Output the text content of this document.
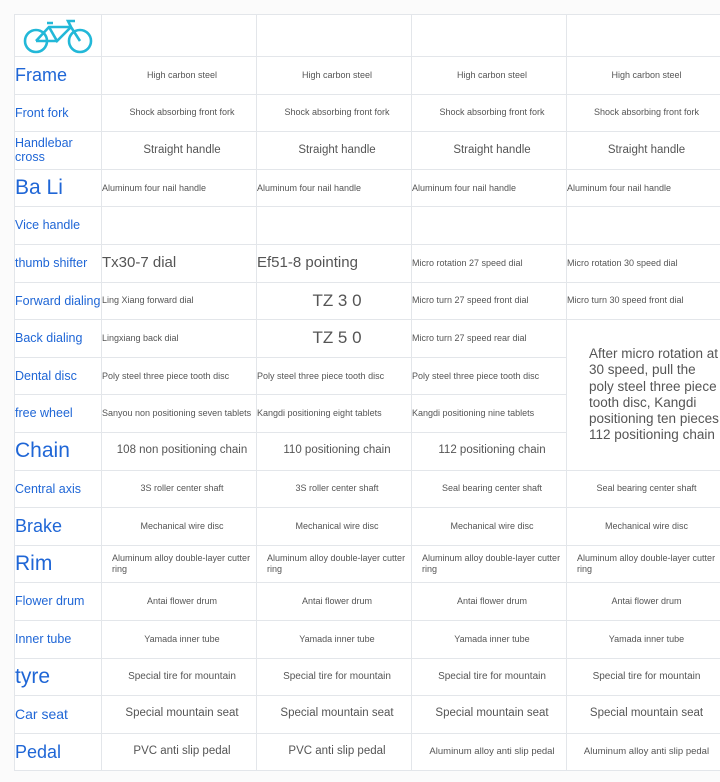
	21 speed basic	24 speed standard	27 speed upgrade	30 speed Deluxe
Frame	High carbon steel	High carbon steel	High carbon steel	High carbon steel
Front fork	Shock absorbing front fork	Shock absorbing front fork	Shock absorbing front fork	Shock absorbing front fork
Handlebar cross	Straight handle	Straight handle	Straight handle	Straight handle
Ba Li	Aluminum four nail handle	Aluminum four nail handle	Aluminum four nail handle	Aluminum four nail handle
Vice handle				
thumb shifter	Tx30-7 dial	Ef51-8 pointing	Micro rotation 27 speed dial	Micro rotation 30 speed dial
Forward dialing	Ling Xiang forward dial	TZ 3 0	Micro turn 27 speed front dial	Micro turn 30 speed front dial
Back dialing	Lingxiang back dial	TZ 5 0	Micro turn 27 speed rear dial	After micro rotation at 30 speed, pull the poly steel three piece tooth disc, Kangdi positioning ten pieces 112 positioning chain
Dental disc	Poly steel three piece tooth disc	Poly steel three piece tooth disc	Poly steel three piece tooth disc	
free wheel	Sanyou non positioning seven tablets	Kangdi positioning eight tablets	Kangdi positioning nine tablets	
Chain	108 non positioning chain	110 positioning chain	112 positioning chain	
Central axis	3S roller center shaft	3S roller center shaft	Seal bearing center shaft	Seal bearing center shaft
Brake	Mechanical wire disc	Mechanical wire disc	Mechanical wire disc	Mechanical wire disc
Rim	Aluminum alloy double-layer cutter ring	Aluminum alloy double-layer cutter ring	Aluminum alloy double-layer cutter ring	Aluminum alloy double-layer cutter ring
Flower drum	Antai flower drum	Antai flower drum	Antai flower drum	Antai flower drum
Inner tube	Yamada inner tube	Yamada inner tube	Yamada inner tube	Yamada inner tube
tyre	Special tire for mountain	Special tire for mountain	Special tire for mountain	Special tire for mountain
Car seat	Special mountain seat	Special mountain seat	Special mountain seat	Special mountain seat
Pedal	PVC anti slip pedal	PVC anti slip pedal	Aluminum alloy anti slip pedal	Aluminum alloy anti slip pedal
